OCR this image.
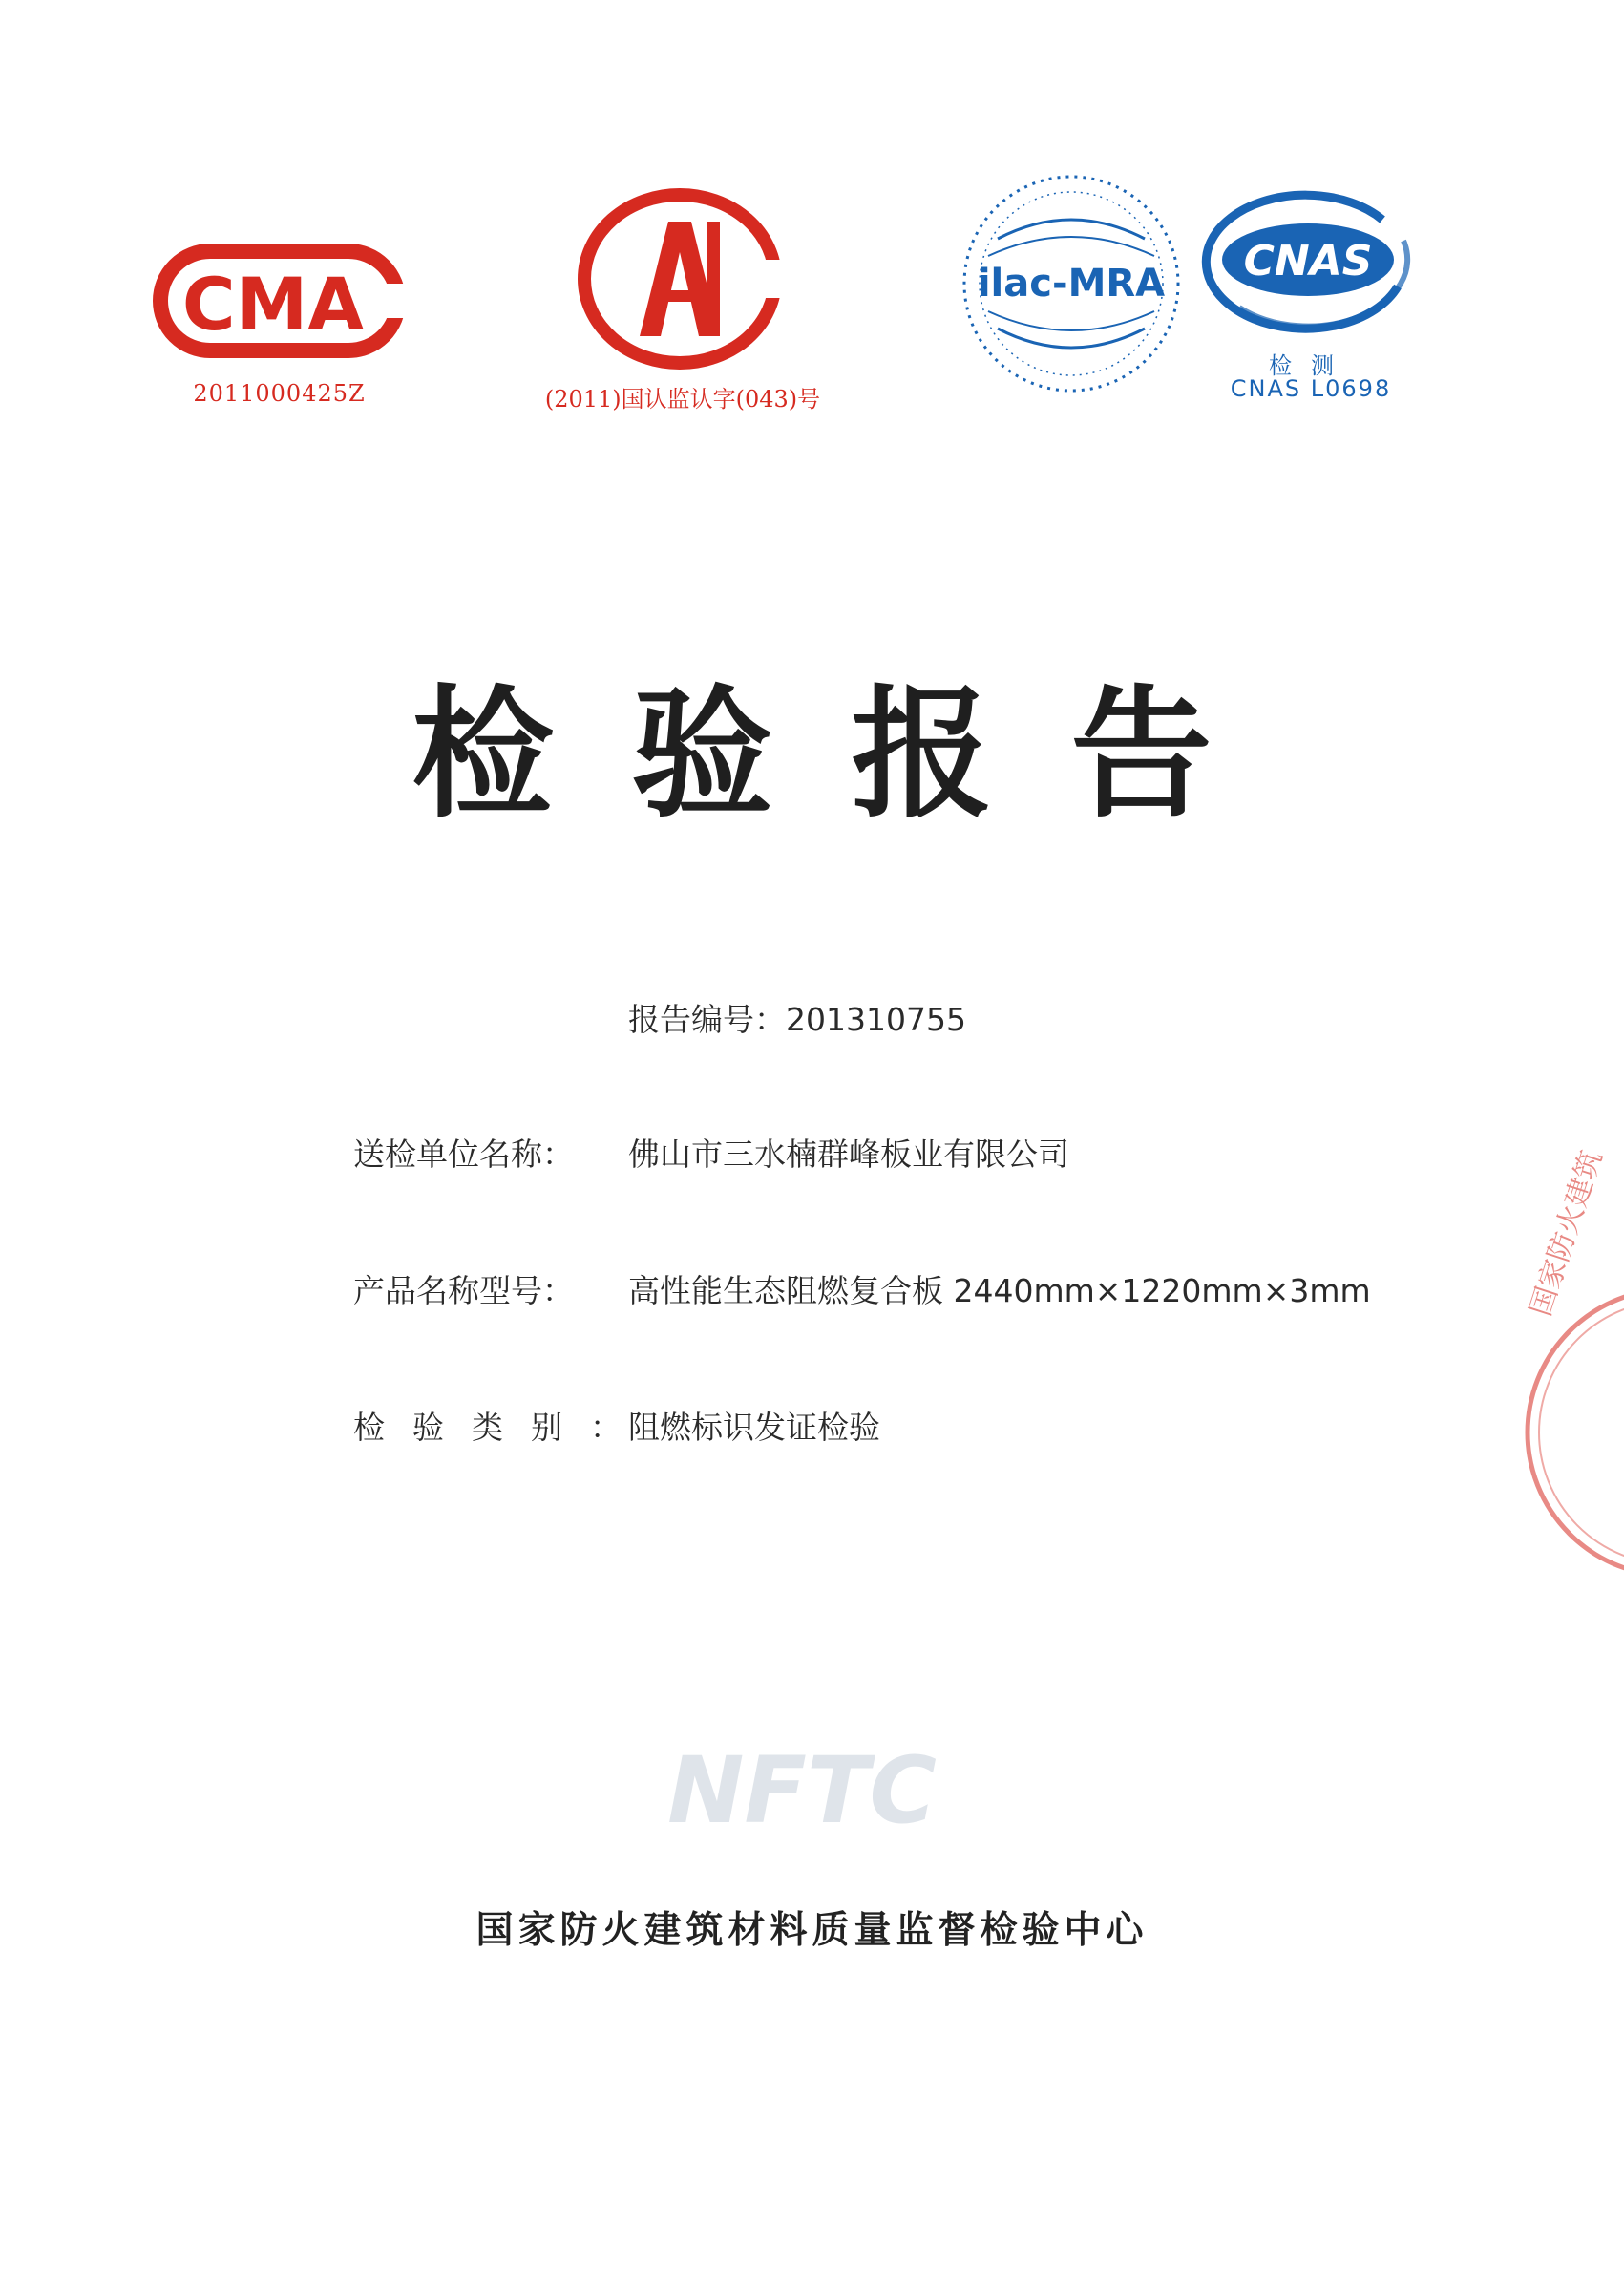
CMA
2011000425Z	(2011)国认监认字(043)号
ilac-MRA CNAS
检测
CNAS L0698
检验报告
报告编号：201310755
送检单位名称： 佛山市三水楠群峰板业有限公司
产品名称型号： 高性能生态阻燃复合板 2440mm×1220mm×3mm
检验类别：
阻燃标识发证检验
NFTC
国家防火建筑材料质量监督检验中心
国家防火建筑
